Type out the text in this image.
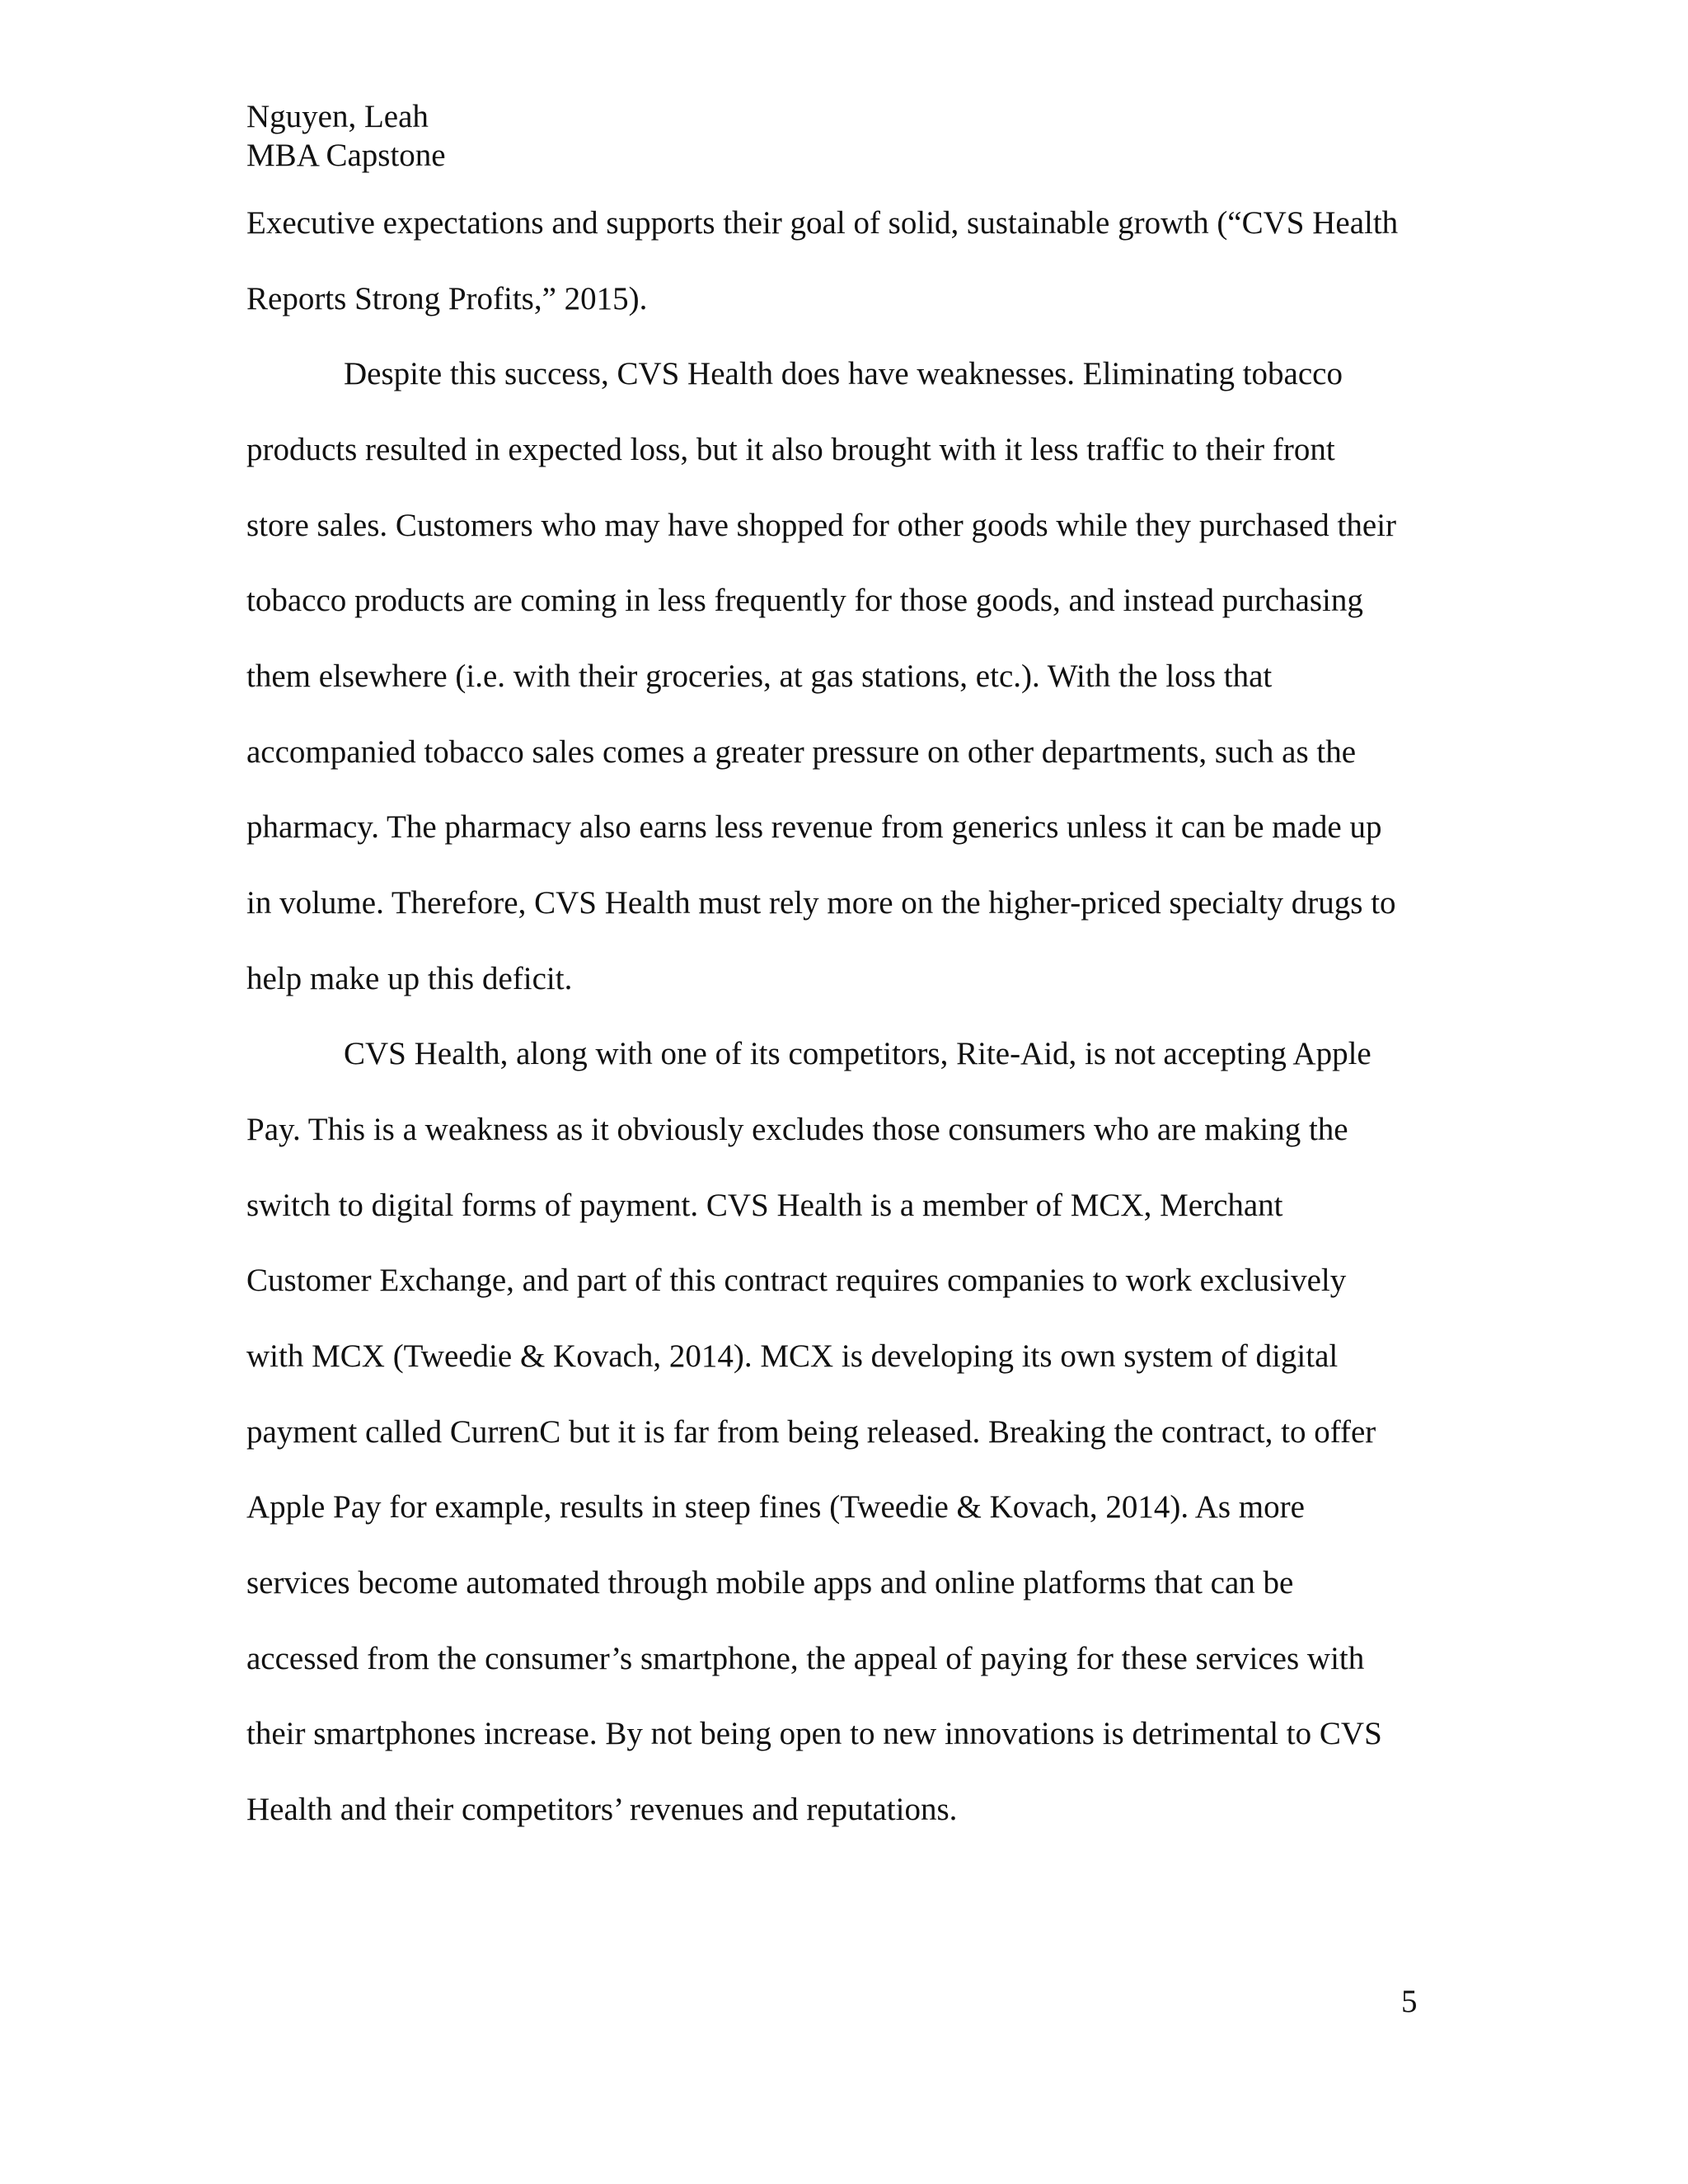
Nguyen, Leah
MBA Capstone
Executive expectations and supports their goal of solid, sustainable growth (“CVS Health
Reports Strong Profits,” 2015).
Despite this success, CVS Health does have weaknesses. Eliminating tobacco
products resulted in expected loss, but it also brought with it less traffic to their front
store sales. Customers who may have shopped for other goods while they purchased their
tobacco products are coming in less frequently for those goods, and instead purchasing
them elsewhere (i.e. with their groceries, at gas stations, etc.). With the loss that
accompanied tobacco sales comes a greater pressure on other departments, such as the
pharmacy. The pharmacy also earns less revenue from generics unless it can be made up
in volume. Therefore, CVS Health must rely more on the higher-priced specialty drugs to
help make up this deficit.
CVS Health, along with one of its competitors, Rite-Aid, is not accepting Apple
Pay. This is a weakness as it obviously excludes those consumers who are making the
switch to digital forms of payment. CVS Health is a member of MCX, Merchant
Customer Exchange, and part of this contract requires companies to work exclusively
with MCX (Tweedie & Kovach, 2014). MCX is developing its own system of digital
payment called CurrenC but it is far from being released. Breaking the contract, to offer
Apple Pay for example, results in steep fines (Tweedie & Kovach, 2014). As more
services become automated through mobile apps and online platforms that can be
accessed from the consumer’s smartphone, the appeal of paying for these services with
their smartphones increase. By not being open to new innovations is detrimental to CVS
Health and their competitors’ revenues and reputations.
5
